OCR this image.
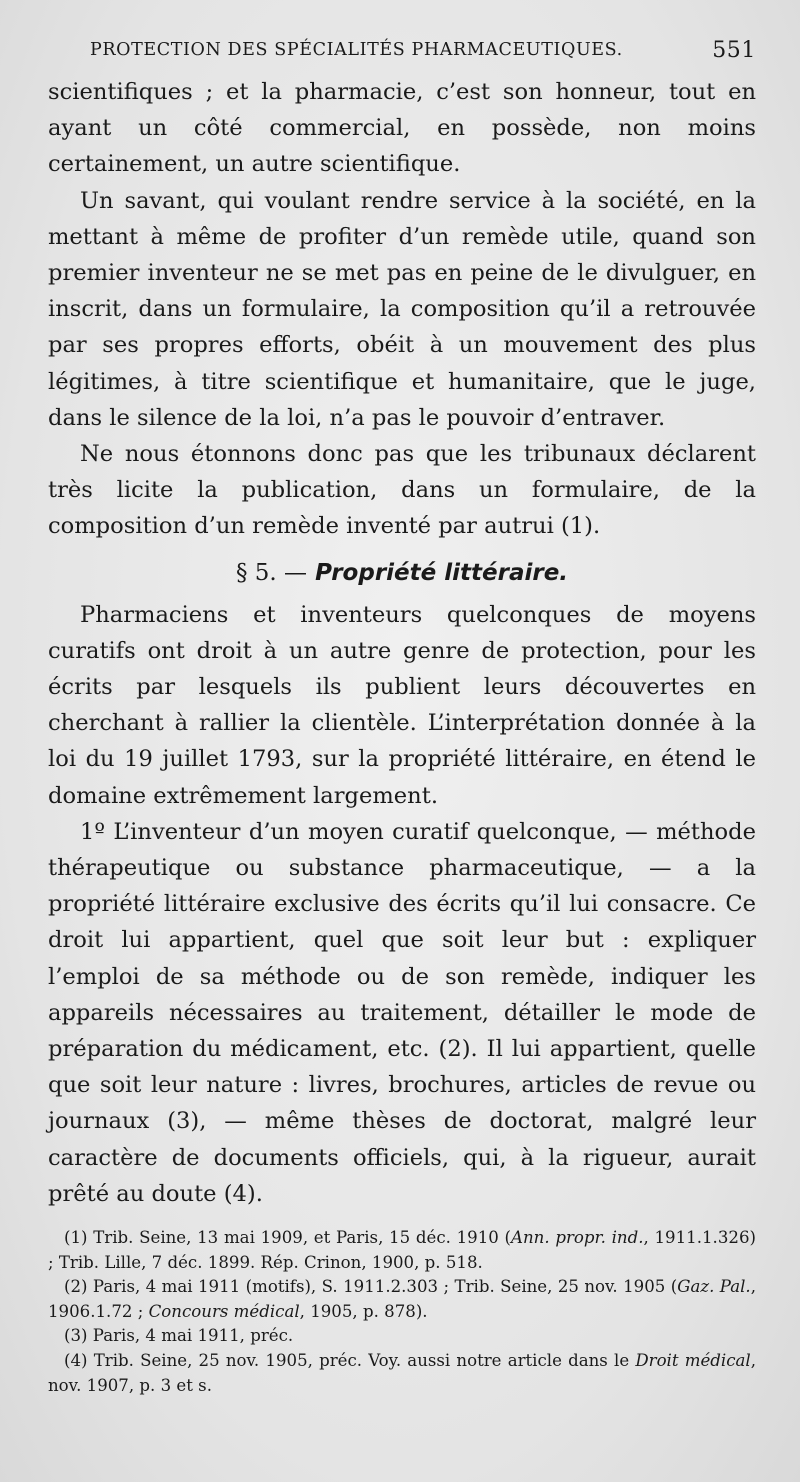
PROTECTION DES SPÉCIALITÉS PHARMACEUTIQUES.	551

scientifiques ; et la pharmacie, c’est son honneur, tout en ayant un côté commercial, en possède, non moins certainement, un autre scientifique.

Un savant, qui voulant rendre service à la société, en la mettant à même de profiter d’un remède utile, quand son premier inventeur ne se met pas en peine de le divulguer, en inscrit, dans un formulaire, la composition qu’il a retrouvée par ses propres efforts, obéit à un mouvement des plus légitimes, à titre scientifique et humanitaire, que le juge, dans le silence de la loi, n’a pas le pouvoir d’entraver.

Ne nous étonnons donc pas que les tribunaux déclarent très licite la publication, dans un formulaire, de la composition d’un remède inventé par autrui (1).

§ 5. — Propriété littéraire.

Pharmaciens et inventeurs quelconques de moyens curatifs ont droit à un autre genre de protection, pour les écrits par lesquels ils publient leurs découvertes en cherchant à rallier la clientèle. L’interprétation donnée à la loi du 19 juillet 1793, sur la propriété littéraire, en étend le domaine extrêmement largement.

1º L’inventeur d’un moyen curatif quelconque, — méthode thérapeutique ou substance pharmaceutique, — a la propriété littéraire exclusive des écrits qu’il lui consacre. Ce droit lui appartient, quel que soit leur but : expliquer l’emploi de sa méthode ou de son remède, indiquer les appareils nécessaires au traitement, détailler le mode de préparation du médicament, etc. (2). Il lui appartient, quelle que soit leur nature : livres, brochures, articles de revue ou journaux (3), — même thèses de doctorat, malgré leur caractère de documents officiels, qui, à la rigueur, aurait prêté au doute (4).

(1) Trib. Seine, 13 mai 1909, et Paris, 15 déc. 1910 (Ann. propr. ind., 1911.1.326) ; Trib. Lille, 7 déc. 1899. Rép. Crinon, 1900, p. 518.

(2) Paris, 4 mai 1911 (motifs), S. 1911.2.303 ; Trib. Seine, 25 nov. 1905 (Gaz. Pal., 1906.1.72 ; Concours médical, 1905, p. 878).

(3) Paris, 4 mai 1911, préc.

(4) Trib. Seine, 25 nov. 1905, préc. Voy. aussi notre article dans le Droit médical, nov. 1907, p. 3 et s.
